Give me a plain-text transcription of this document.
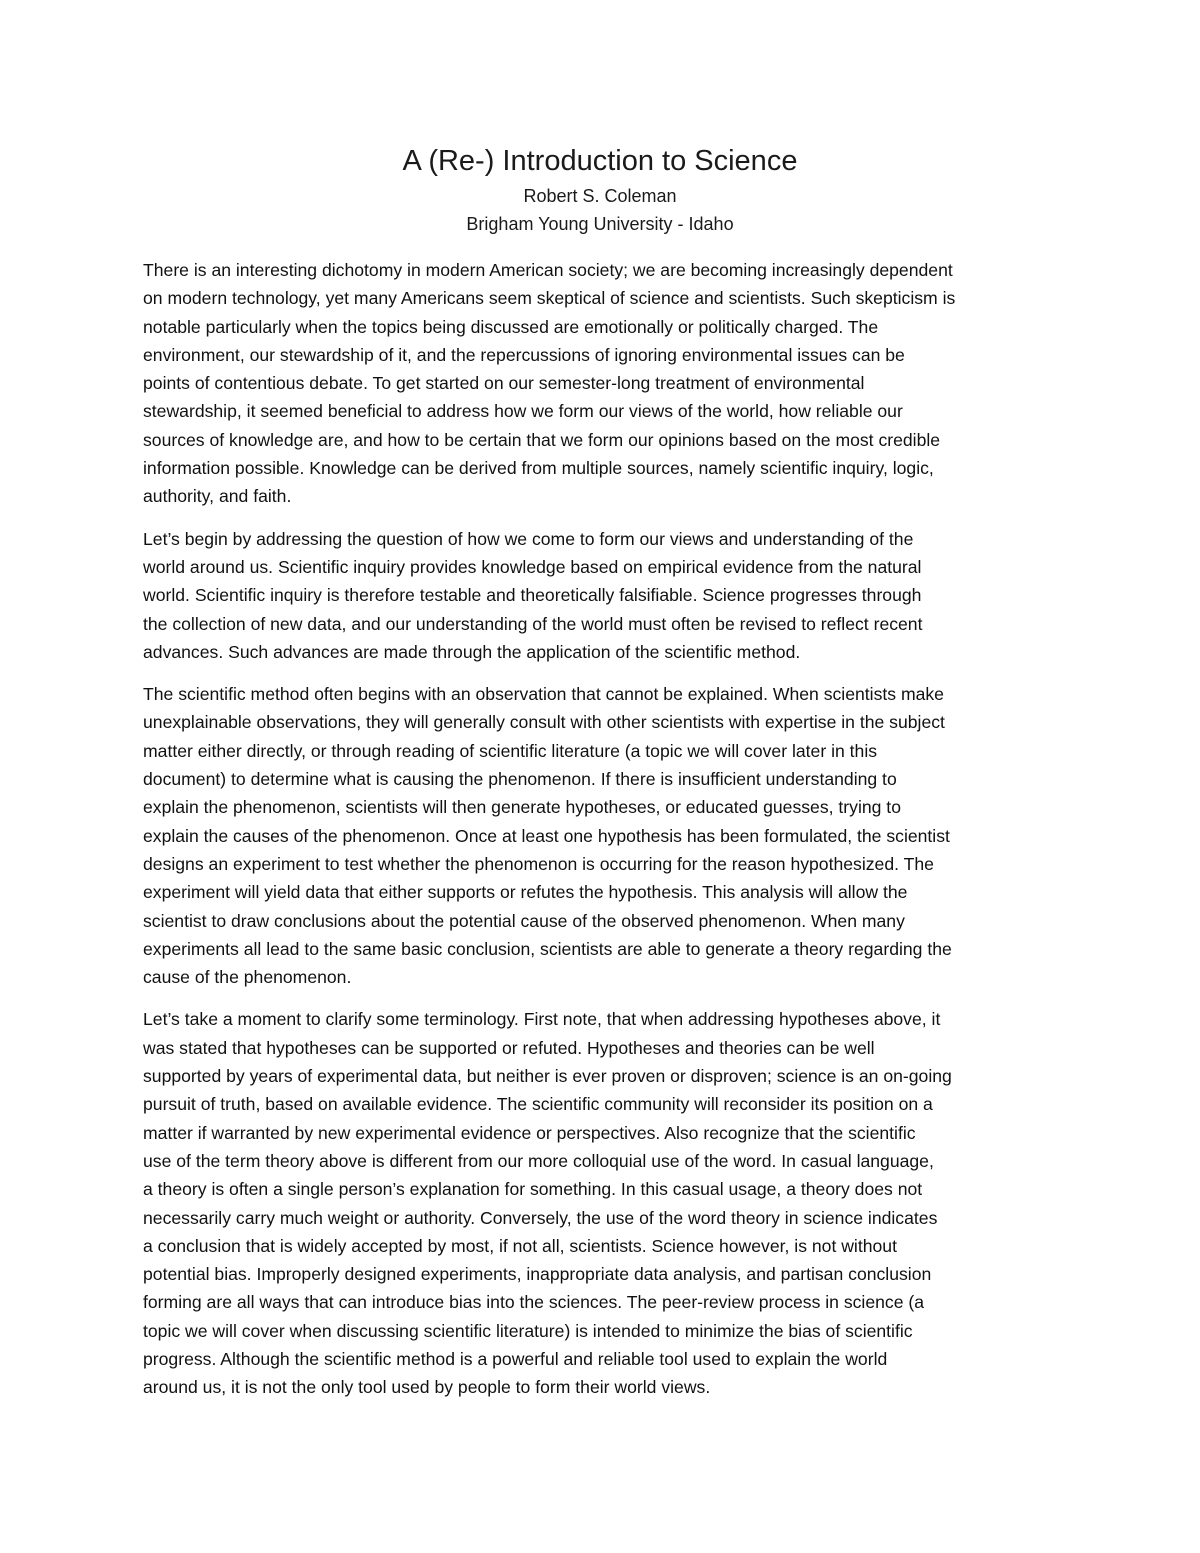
A (Re-) Introduction to Science

Robert S. Coleman

Brigham Young University - Idaho

There is an interesting dichotomy in modern American society; we are becoming increasingly dependent
on modern technology, yet many Americans seem skeptical of science and scientists. Such skepticism is
notable particularly when the topics being discussed are emotionally or politically charged. The
environment, our stewardship of it, and the repercussions of ignoring environmental issues can be
points of contentious debate. To get started on our semester-long treatment of environmental
stewardship, it seemed beneficial to address how we form our views of the world, how reliable our
sources of knowledge are, and how to be certain that we form our opinions based on the most credible
information possible. Knowledge can be derived from multiple sources, namely scientific inquiry, logic,
authority, and faith.

Let’s begin by addressing the question of how we come to form our views and understanding of the
world around us. Scientific inquiry provides knowledge based on empirical evidence from the natural
world. Scientific inquiry is therefore testable and theoretically falsifiable. Science progresses through
the collection of new data, and our understanding of the world must often be revised to reflect recent
advances. Such advances are made through the application of the scientific method.

The scientific method often begins with an observation that cannot be explained. When scientists make
unexplainable observations, they will generally consult with other scientists with expertise in the subject
matter either directly, or through reading of scientific literature (a topic we will cover later in this
document) to determine what is causing the phenomenon. If there is insufficient understanding to
explain the phenomenon, scientists will then generate hypotheses, or educated guesses, trying to
explain the causes of the phenomenon. Once at least one hypothesis has been formulated, the scientist
designs an experiment to test whether the phenomenon is occurring for the reason hypothesized. The
experiment will yield data that either supports or refutes the hypothesis. This analysis will allow the
scientist to draw conclusions about the potential cause of the observed phenomenon. When many
experiments all lead to the same basic conclusion, scientists are able to generate a theory regarding the
cause of the phenomenon.

Let’s take a moment to clarify some terminology. First note, that when addressing hypotheses above, it
was stated that hypotheses can be supported or refuted. Hypotheses and theories can be well
supported by years of experimental data, but neither is ever proven or disproven; science is an on-going
pursuit of truth, based on available evidence. The scientific community will reconsider its position on a
matter if warranted by new experimental evidence or perspectives. Also recognize that the scientific
use of the term theory above is different from our more colloquial use of the word. In casual language,
a theory is often a single person’s explanation for something. In this casual usage, a theory does not
necessarily carry much weight or authority. Conversely, the use of the word theory in science indicates
a conclusion that is widely accepted by most, if not all, scientists. Science however, is not without
potential bias. Improperly designed experiments, inappropriate data analysis, and partisan conclusion
forming are all ways that can introduce bias into the sciences. The peer-review process in science (a
topic we will cover when discussing scientific literature) is intended to minimize the bias of scientific
progress. Although the scientific method is a powerful and reliable tool used to explain the world
around us, it is not the only tool used by people to form their world views.
